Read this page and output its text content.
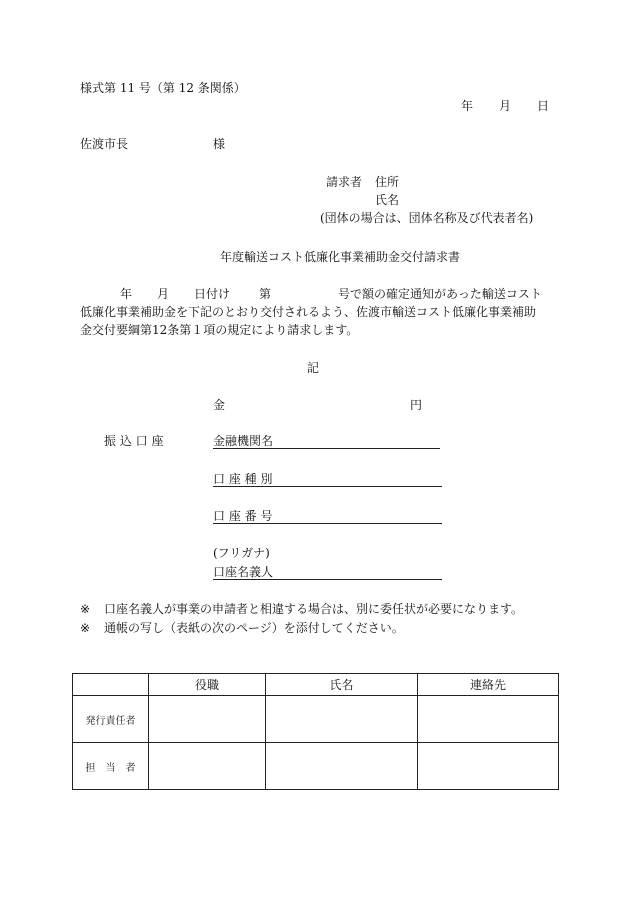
様式第 11 号（第 12 条関係）
年 月 日
佐渡市長	様
請求者 住所
氏名
(団体の場合は、団体名称及び代表者名)
年度輸送コスト低廉化事業補助金交付請求書
年 月 日付け 第	号で額の確定通知があった輸送コスト
低廉化事業補助金を下記のとおり交付されるよう、佐渡市輸送コスト低廉化事業補助
金交付要綱第12条第１項の規定により請求します。
記
金	円
振 込 口 座	金融機関名
口 座 種 別
口 座 番 号
(フリガナ)
口座名義人
※ 口座名義人が事業の申請者と相違する場合は、別に委任状が必要になります。
※ 通帳の写し（表紙の次のページ）を添付してください。
	役職	氏名	連絡先
発行責任者			
担　当　者			
